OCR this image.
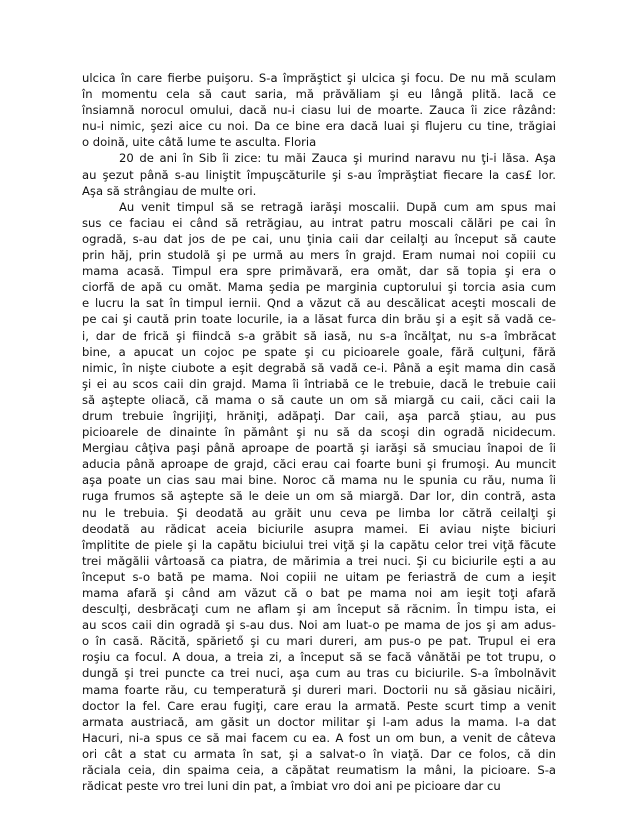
ulcica în care fierbe puişoru. S-a împrăştict şi ulcica şi focu. De nu mă sculam
în momentu cela să caut saria, mă prăvăliam şi eu lângă plită. Iacă ce
însiamnă norocul omului, dacă nu-i ciasu lui de moarte. Zauca îi zice râzând:
nu-i nimic, şezi aice cu noi. Da ce bine era dacă luai şi flujeru cu tine, trăgiai
o doină, uite câtă lume te asculta. Floria
20 de ani în Sib îi zice: tu măi Zauca şi murind naravu nu ţi-i lăsa. Aşa
au şezut până s-au liniştit împuşcăturile şi s-au împrăştiat fiecare la cas£ lor.
Aşa să strângiau de multe ori.
Au venit timpul să se retragă iarăşi moscalii. După cum am spus mai
sus ce faciau ei când să retrăgiau, au intrat patru moscali călări pe cai în
ogradă, s-au dat jos de pe cai, unu ţinia caii dar ceilalţi au început să caute
prin hăj, prin studolă şi pe urmă au mers în grajd. Eram numai noi copiii cu
mama acasă. Timpul era spre primăvară, era omăt, dar să topia şi era o
ciorfă de apă cu omăt. Mama şedia pe marginia cuptorului şi torcia asia cum
e lucru la sat în timpul iernii. Qnd a văzut că au descălicat aceşti moscali de
pe cai şi caută prin toate locurile, ia a lăsat furca din brău şi a eşit să vadă ce-
i, dar de frică şi fiindcă s-a grăbit să iasă, nu s-a încălţat, nu s-a îmbrăcat
bine, a apucat un cojoc pe spate şi cu picioarele goale, fără culţuni, fără
nimic, în nişte ciubote a eşit degrabă să vadă ce-i. Până a eşit mama din casă
şi ei au scos caii din grajd. Mama îi întriabă ce le trebuie, dacă le trebuie caii
să aştepte oliacă, că mama o să caute un om să miargă cu caii, căci caii la
drum trebuie îngrijiţi, hrăniţi, adăpaţi. Dar caii, aşa parcă ştiau, au pus
picioarele de dinainte în pământ şi nu să da scoşi din ogradă nicidecum.
Mergiau câţiva paşi până aproape de poartă şi iarăşi să smuciau înapoi de îi
aducia până aproape de grajd, căci erau cai foarte buni şi frumoşi. Au muncit
aşa poate un cias sau mai bine. Noroc că mama nu le spunia cu rău, numa îi
ruga frumos să aştepte să le deie un om să miargă. Dar lor, din contră, asta
nu le trebuia. Şi deodată au grăit unu ceva pe limba lor cătră ceilalţi şi
deodată au rădicat aceia biciurile asupra mamei. Ei aviau nişte biciuri
împlitite de piele şi la capătu biciului trei viţă şi la capătu celor trei viţă făcute
trei măgălii vârtoasă ca piatra, de mărimia a trei nuci. Şi cu biciurile eşti a au
început s-o bată pe mama. Noi copiii ne uitam pe feriastră de cum a ieşit
mama afară şi când am văzut că o bat pe mama noi am ieşit toţi afară
desculţi, desbrăcaţi cum ne aflam şi am început să răcnim. În timpu ista, ei
au scos caii din ogradă şi s-au dus. Noi am luat-o pe mama de jos şi am adus-
o în casă. Răcită, spăriető şi cu mari dureri, am pus-o pe pat. Trupul ei era
roşiu ca focul. A doua, a treia zi, a început să se facă vânătăi pe tot trupu, o
dungă şi trei puncte ca trei nuci, aşa cum au tras cu biciurile. S-a îmbolnăvit
mama foarte rău, cu temperatură şi dureri mari. Doctorii nu să găsiau nicăiri,
doctor la fel. Care erau fugiţi, care erau la armată. Peste scurt timp a venit
armata austriacă, am găsit un doctor militar şi l-am adus la mama. I-a dat
Hacuri, ni-a spus ce să mai facem cu ea. A fost un om bun, a venit de câteva
ori cât a stat cu armata în sat, şi a salvat-o în viaţă. Dar ce folos, că din
răciala ceia, din spaima ceia, a căpătat reumatism la mâni, la picioare. S-a
rădicat peste vro trei luni din pat, a îmbiat vro doi ani pe picioare dar cu
